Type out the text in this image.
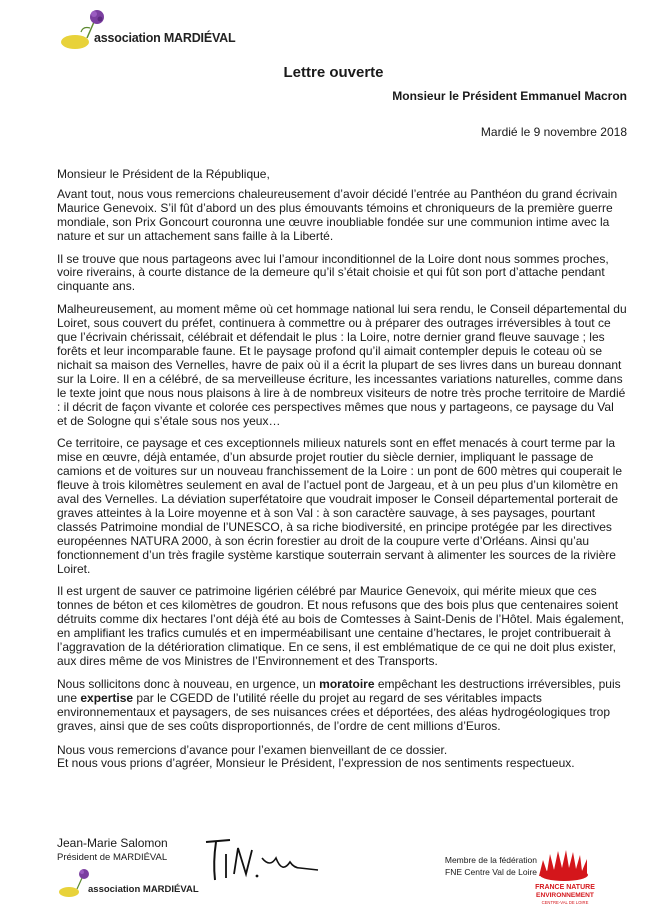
association MARDIÉVAL
Lettre ouverte
Monsieur le Président Emmanuel Macron
Mardié le 9 novembre 2018

Monsieur le Président de la République,

Avant tout, nous vous remercions chaleureusement d’avoir décidé l’entrée au Panthéon du grand écrivain Maurice Genevoix. S’il fût d’abord un des plus émouvants témoins et chroniqueurs de la première guerre mondiale, son Prix Goncourt couronna une œuvre inoubliable fondée sur une communion intime avec la nature et sur un attachement sans faille à la Liberté.

Il se trouve que nous partageons avec lui l’amour inconditionnel de la Loire dont nous sommes proches, voire riverains, à courte distance de la demeure qu’il s’était choisie et qui fût son port d’attache pendant cinquante ans.

Malheureusement, au moment même où cet hommage national lui sera rendu, le Conseil départemental du Loiret, sous couvert du préfet, continuera à commettre ou à préparer des outrages irréversibles à tout ce que l’écrivain chérissait, célébrait et défendait le plus : la Loire, notre dernier grand fleuve sauvage ; les forêts et leur incomparable faune. Et le paysage profond qu’il aimait contempler depuis le coteau où se nichait sa maison des Vernelles, havre de paix où il a écrit la plupart de ses livres dans un bureau donnant sur la Loire. Il en a célébré, de sa merveilleuse écriture, les incessantes variations naturelles, comme dans le texte joint que nous nous plaisons à lire à de nombreux visiteurs de notre très proche territoire de Mardié : il décrit de façon vivante et colorée ces perspectives mêmes que nous y partageons, ce paysage du Val et de Sologne qui s’étale sous nos yeux…

Ce territoire, ce paysage et ces exceptionnels milieux naturels sont en effet menacés à court terme par la mise en œuvre, déjà entamée, d’un absurde projet routier du siècle dernier, impliquant le passage de camions et de voitures sur un nouveau franchissement de la Loire : un pont de 600 mètres qui couperait le fleuve à trois kilomètres seulement en aval de l’actuel pont de Jargeau, et à un peu plus d’un kilomètre en aval des Vernelles. La déviation superfétatoire que voudrait imposer le Conseil départemental porterait de graves atteintes à la Loire moyenne et à son Val : à son caractère sauvage, à ses paysages, pourtant classés Patrimoine mondial de l’UNESCO, à sa riche biodiversité, en principe protégée par les directives européennes NATURA 2000, à son écrin forestier au droit de la coupure verte d’Orléans. Ainsi qu’au fonctionnement d’un très fragile système karstique souterrain servant à alimenter les sources de la rivière Loiret.

Il est urgent de sauver ce patrimoine ligérien célébré par Maurice Genevoix, qui mérite mieux que ces tonnes de béton et ces kilomètres de goudron. Et nous refusons que des bois plus que centenaires soient détruits comme dix hectares l’ont déjà été au bois de Comtesses à Saint-Denis de l’Hôtel. Mais également, en amplifiant les trafics cumulés et en imperméabilisant une centaine d’hectares, le projet contribuerait à l’aggravation de la détérioration climatique. En ce sens, il est emblématique de ce qui ne doit plus exister, aux dires même de vos Ministres de l’Environnement et des Transports.

Nous sollicitons donc à nouveau, en urgence, un moratoire empêchant les destructions irréversibles, puis une expertise par le CGEDD de l’utilité réelle du projet au regard de ses véritables impacts environnementaux et paysagers, de ses nuisances crées et déportées, des aléas hydrogéologiques trop graves, ainsi que de ses coûts disproportionnés, de l’ordre de cent millions d’Euros.

Nous vous remercions d’avance pour l’examen bienveillant de ce dossier.

Et nous vous prions d’agréer, Monsieur le Président, l’expression de nos sentiments respectueux.

Jean-Marie Salomon
Président de MARDIÉVAL
association MARDIÉVAL
Membre de la fédération
FNE Centre Val de Loire
FRANCE NATURE
ENVIRONNEMENT
CENTRE-VAL DE LOIRE
